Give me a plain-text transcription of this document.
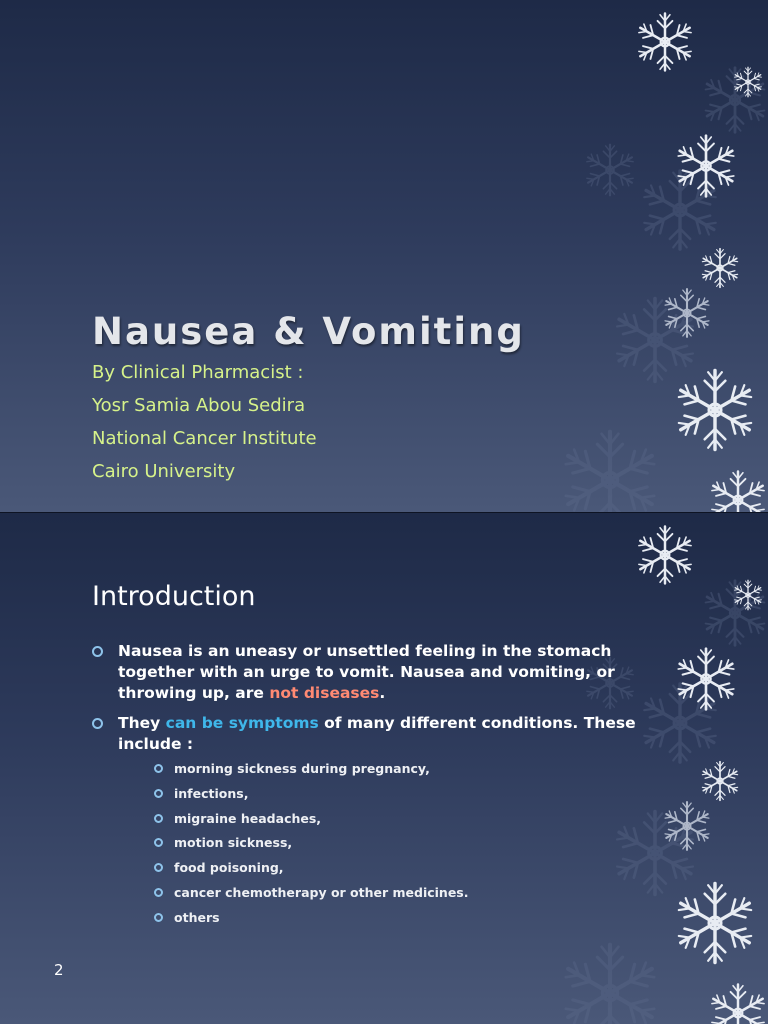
Nausea & Vomiting
By Clinical Pharmacist :
Yosr Samia Abou Sedira
National Cancer Institute
Cairo University
Introduction
Nausea is an uneasy or unsettled feeling in the stomach together with an urge to vomit. Nausea and vomiting, or throwing up, are not diseases.
They can be symptoms of many different conditions. These include :
morning sickness during pregnancy,
infections,
migraine headaches,
motion sickness,
food poisoning,
cancer chemotherapy or other medicines.
others
2
